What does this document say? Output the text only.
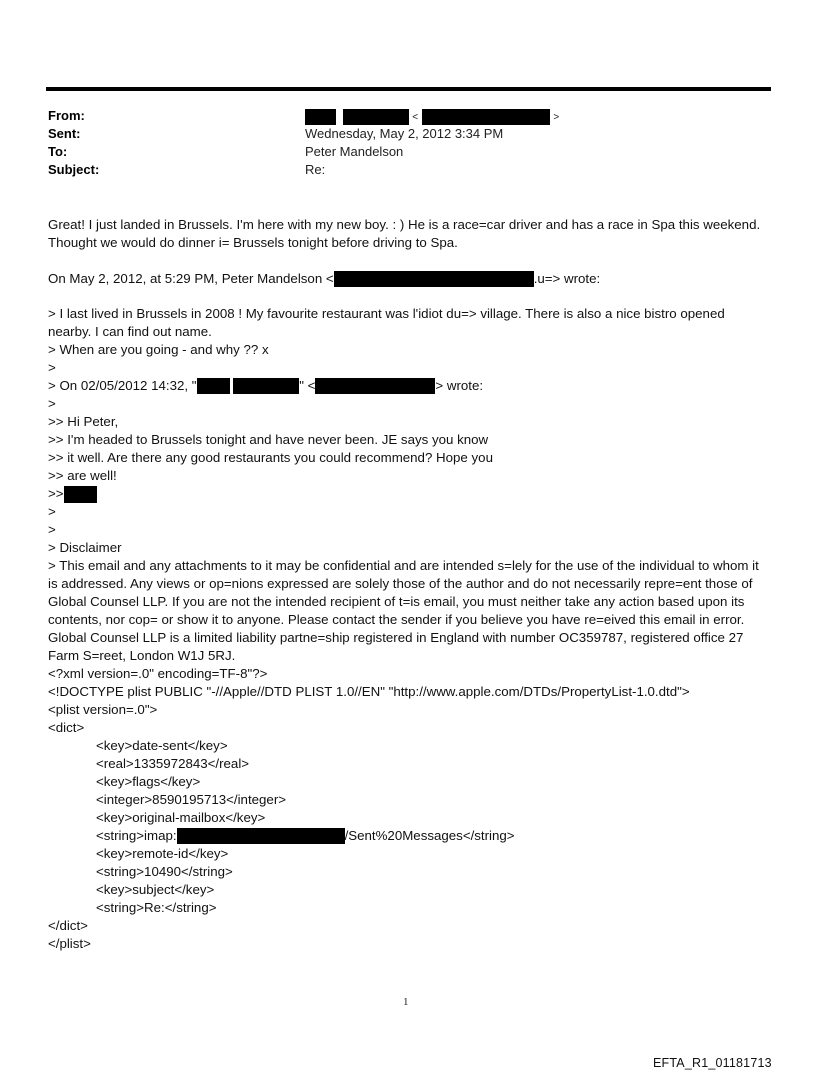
From:	<	>
Sent:	Wednesday, May 2, 2012 3:34 PM
To:	Peter Mandelson
Subject:	Re:
Great! I just landed in Brussels. I'm here with my new boy. : ) He is a race=car driver and has a race in Spa this weekend. Thought we would do dinner i= Brussels tonight before driving to Spa.
On May 2, 2012, at 5:29 PM, Peter Mandelson <	.u=> wrote:
> I last lived in Brussels in 2008 ! My favourite restaurant was l'idiot du=> village. There is also a nice bistro opened nearby. I can find out name.
> When are you going - and why ?? x
>
> On 02/05/2012 14:32, "	" <	> wrote:
>
>> Hi Peter,
>> I'm headed to Brussels tonight and have never been. JE says you know
>> it well. Are there any good restaurants you could recommend? Hope you
>> are well!
>>
>
>
> Disclaimer
> This email and any attachments to it may be confidential and are intended s=lely for the use of the individual to whom it is addressed. Any views or op=nions expressed are solely those of the author and do not necessarily repre=ent those of Global Counsel LLP. If you are not the intended recipient of t=is email, you must neither take any action based upon its contents, nor cop= or show it to anyone. Please contact the sender if you believe you have re=eived this email in error. Global Counsel LLP is a limited liability partne=ship registered in England with number OC359787, registered office 27 Farm S=reet, London W1J 5RJ.
<?xml version=.0" encoding=TF-8"?>
<!DOCTYPE plist PUBLIC "-//Apple//DTD PLIST 1.0//EN" "http://www.apple.com/DTDs/PropertyList-1.0.dtd">
<plist version=.0">
<dict>
<key>date-sent</key>
<real>1335972843</real>
<key>flags</key>
<integer>8590195713</integer>
<key>original-mailbox</key>
<string>imap:	/Sent%20Messages</string>
<key>remote-id</key>
<string>10490</string>
<key>subject</key>
<string>Re:</string>
</dict>
</plist>
1
EFTA_R1_01181713
